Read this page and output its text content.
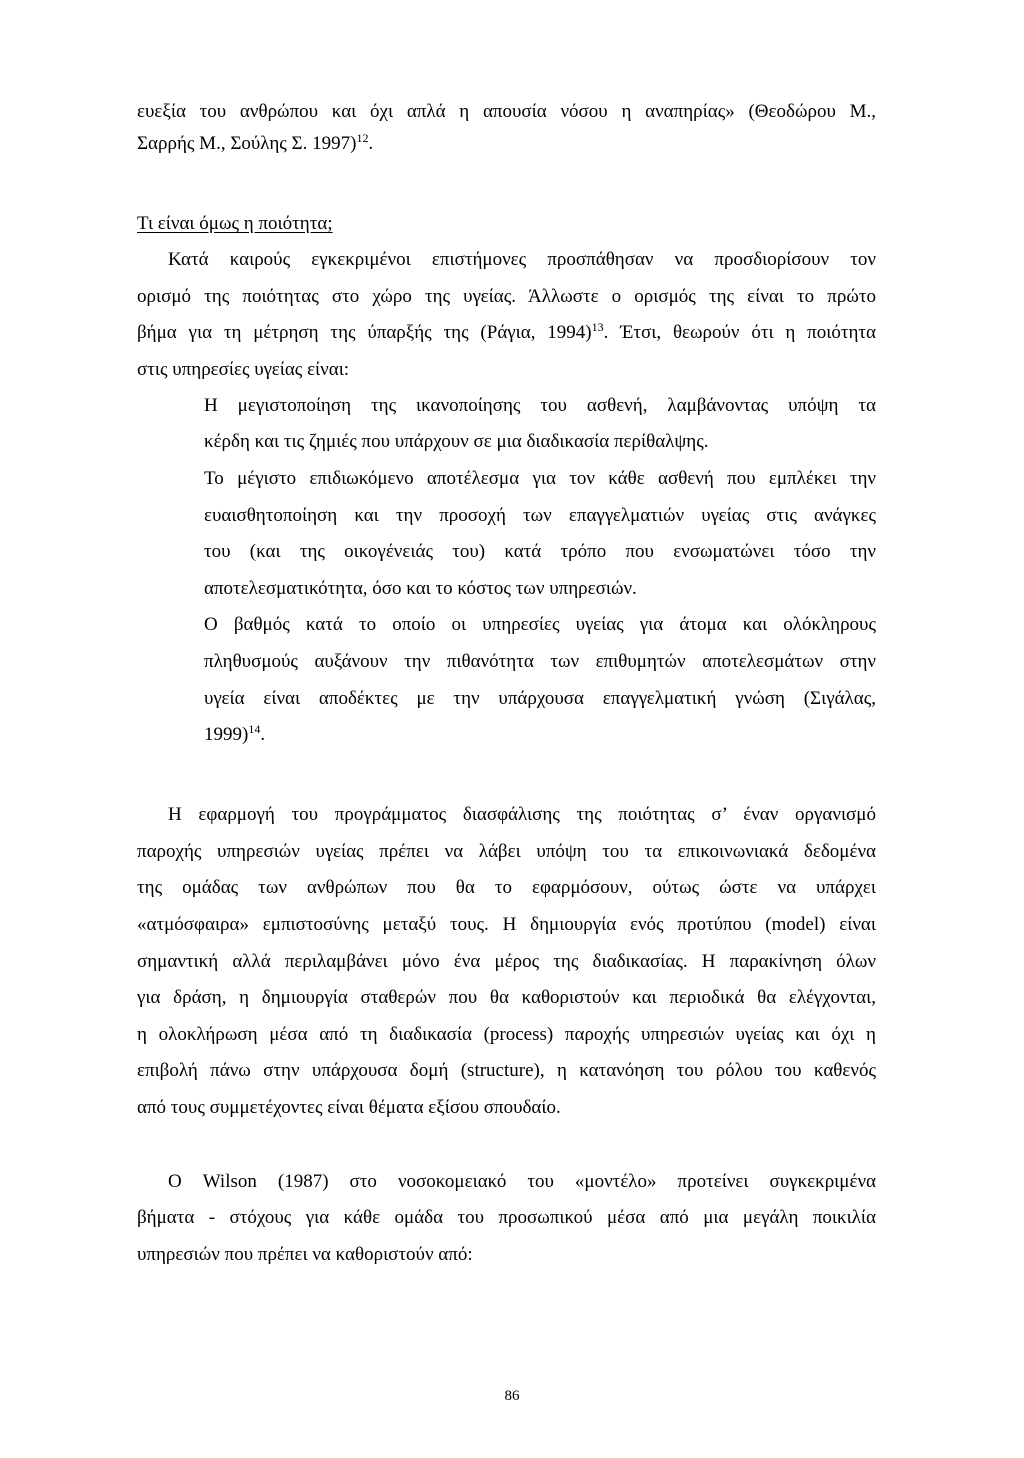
ευεξία του ανθρώπου και όχι απλά η απουσία νόσου η αναπηρίας» (Θεοδώρου Μ.,
Σαρρής Μ., Σούλης Σ. 1997)$^{12}$.
Τι είναι όμως η ποιότητα;
Κατά καιρούς εγκεκριμένοι επιστήμονες προσπάθησαν να προσδιορίσουν τον
ορισμό της ποιότητας στο χώρο της υγείας. Άλλωστε ο ορισμός της είναι το πρώτο
βήμα για τη μέτρηση της ύπαρξής της (Ράγια, 1994)$^{13}$. Έτσι, θεωρούν ότι η ποιότητα
στις υπηρεσίες υγείας είναι:
Η μεγιστοποίηση της ικανοποίησης του ασθενή, λαμβάνοντας υπόψη τα
κέρδη και τις ζημιές που υπάρχουν σε μια διαδικασία περίθαλψης.
Το μέγιστο επιδιωκόμενο αποτέλεσμα για τον κάθε ασθενή που εμπλέκει την
ευαισθητοποίηση και την προσοχή των επαγγελματιών υγείας στις ανάγκες
του (και της οικογένειάς του) κατά τρόπο που ενσωματώνει τόσο την
αποτελεσματικότητα, όσο και το κόστος των υπηρεσιών.
Ο βαθμός κατά το οποίο οι υπηρεσίες υγείας για άτομα και ολόκληρους
πληθυσμούς αυξάνουν την πιθανότητα των επιθυμητών αποτελεσμάτων στην
υγεία είναι αποδέκτες με την υπάρχουσα επαγγελματική γνώση (Σιγάλας,
1999)$^{14}$.
Η εφαρμογή του προγράμματος διασφάλισης της ποιότητας σ’ έναν οργανισμό
παροχής υπηρεσιών υγείας πρέπει να λάβει υπόψη του τα επικοινωνιακά δεδομένα
της ομάδας των ανθρώπων που θα το εφαρμόσουν, ούτως ώστε να υπάρχει
«ατμόσφαιρα» εμπιστοσύνης μεταξύ τους. Η δημιουργία ενός προτύπου (model) είναι
σημαντική αλλά περιλαμβάνει μόνο ένα μέρος της διαδικασίας. Η παρακίνηση όλων
για δράση, η δημιουργία σταθερών που θα καθοριστούν και περιοδικά θα ελέγχονται,
η ολοκλήρωση μέσα από τη διαδικασία (process) παροχής υπηρεσιών υγείας και όχι η
επιβολή πάνω στην υπάρχουσα δομή (structure), η κατανόηση του ρόλου του καθενός
από τους συμμετέχοντες είναι θέματα εξίσου σπουδαίο.
Ο Wilson (1987) στο νοσοκομειακό του «μοντέλο» προτείνει συγκεκριμένα
βήματα - στόχους για κάθε ομάδα του προσωπικού μέσα από μια μεγάλη ποικιλία
υπηρεσιών που πρέπει να καθοριστούν από:
86
